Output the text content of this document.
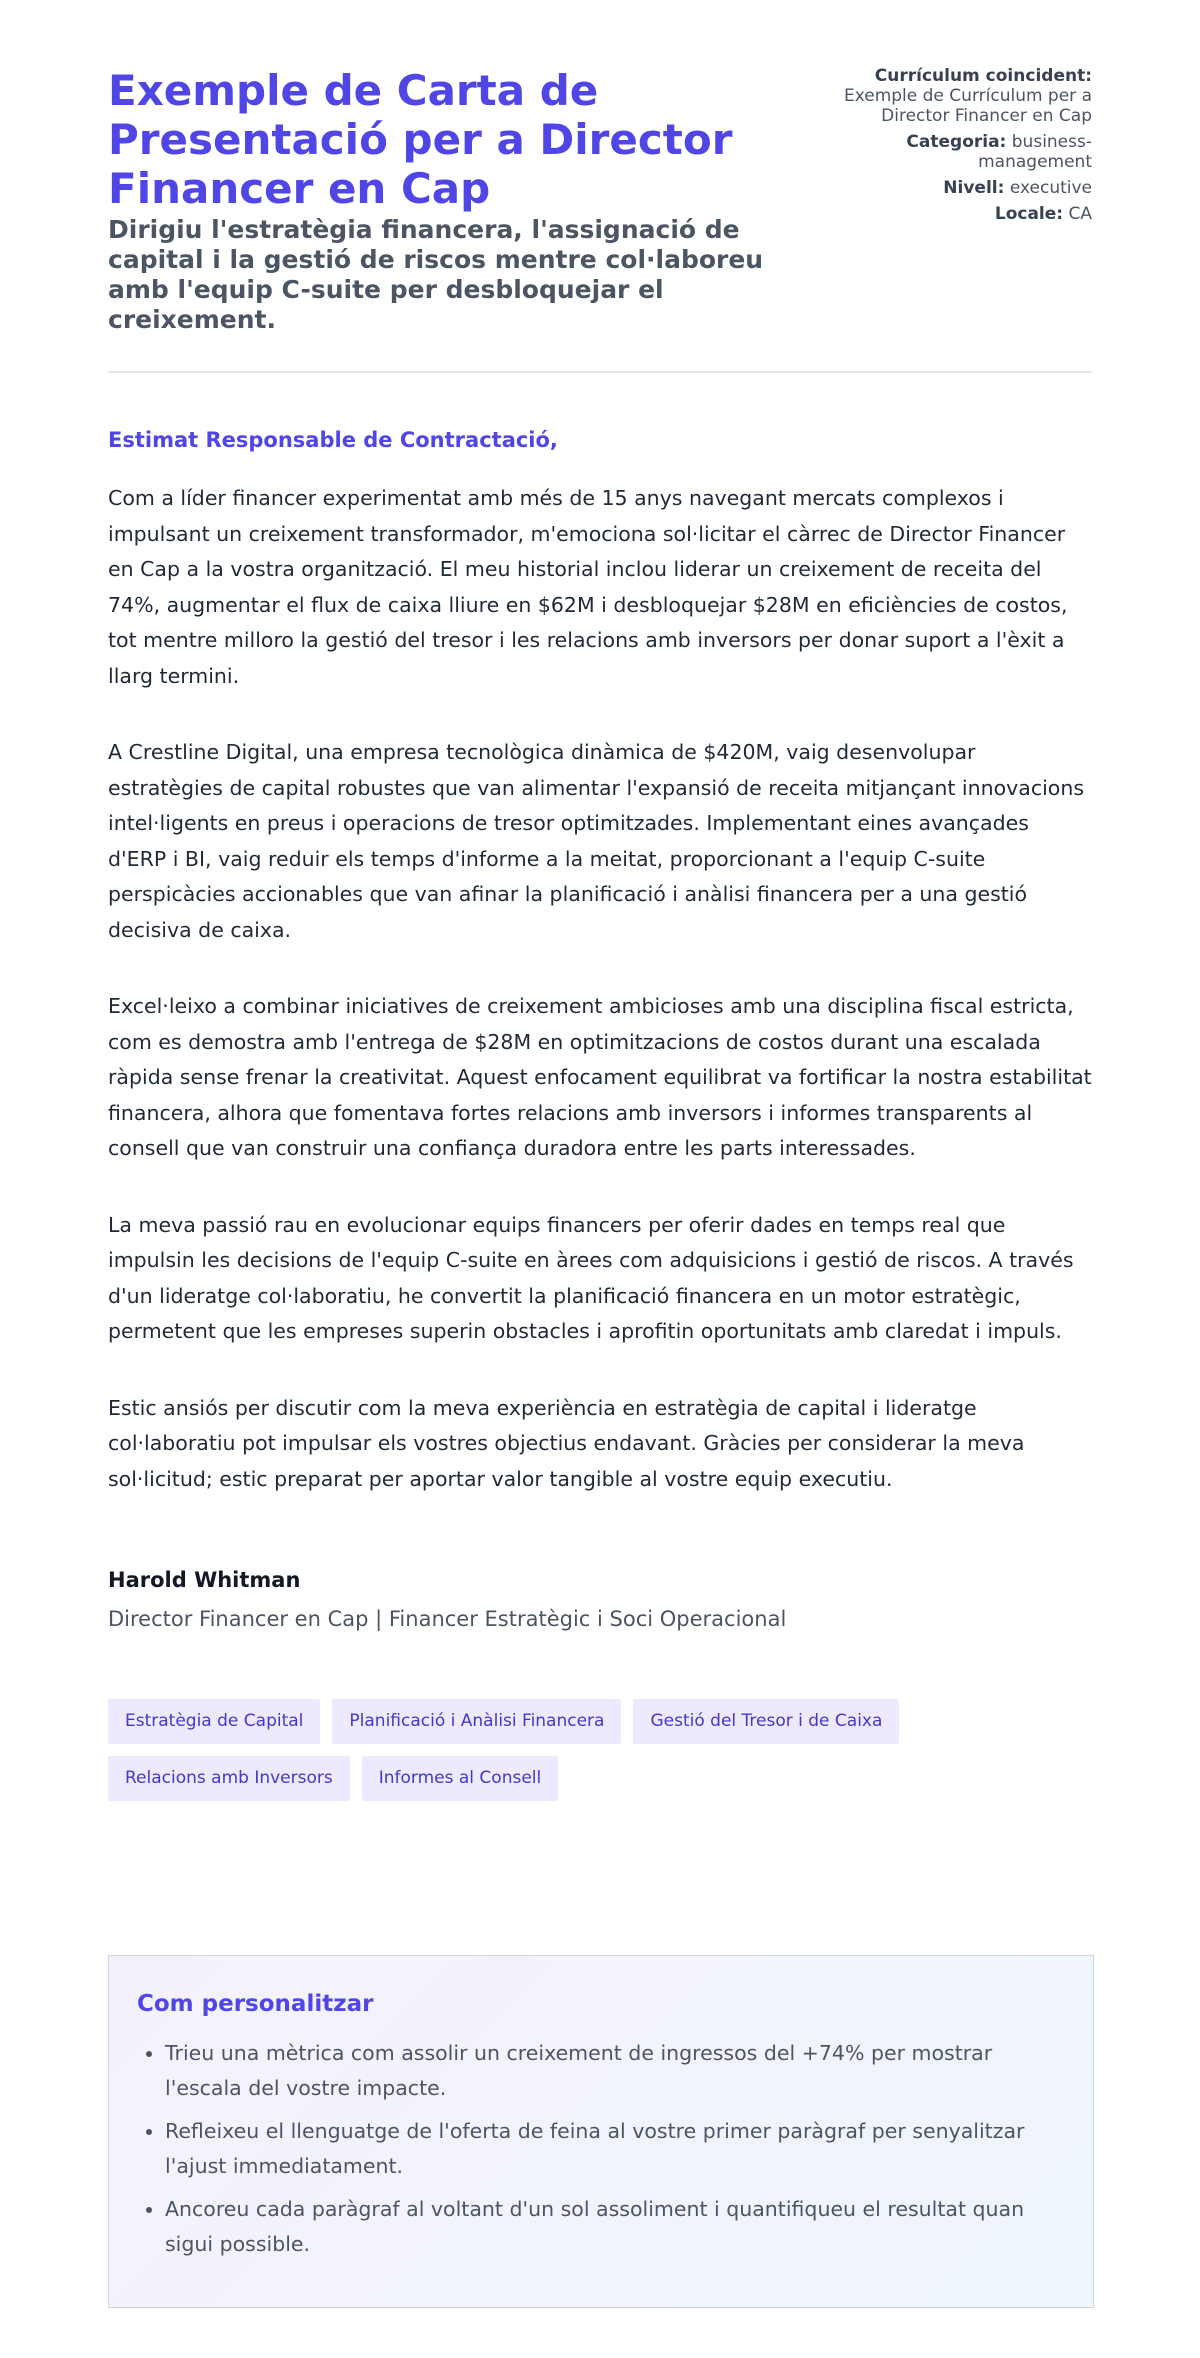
Exemple de Carta de Presentació per a Director Financer en Cap
Dirigiu l'estratègia financera, l'assignació de capital i la gestió de riscos mentre col·laboreu amb l'equip C-suite per desbloquejar el creixement.
Currículum coincident: Exemple de Currículum per a Director Financer en Cap
Categoria: business-management
Nivell: executive
Locale: CA

Estimat Responsable de Contractació,

Com a líder financer experimentat amb més de 15 anys navegant mercats complexos i impulsant un creixement transformador, m'emociona sol·licitar el càrrec de Director Financer en Cap a la vostra organització. El meu historial inclou liderar un creixement de receita del 74%, augmentar el flux de caixa lliure en $62M i desbloquejar $28M en eficiències de costos, tot mentre milloro la gestió del tresor i les relacions amb inversors per donar suport a l'èxit a llarg termini.

A Crestline Digital, una empresa tecnològica dinàmica de $420M, vaig desenvolupar estratègies de capital robustes que van alimentar l'expansió de receita mitjançant innovacions intel·ligents en preus i operacions de tresor optimitzades. Implementant eines avançades d'ERP i BI, vaig reduir els temps d'informe a la meitat, proporcionant a l'equip C-suite perspicàcies accionables que van afinar la planificació i anàlisi financera per a una gestió decisiva de caixa.

Excel·leixo a combinar iniciatives de creixement ambicioses amb una disciplina fiscal estricta, com es demostra amb l'entrega de $28M en optimitzacions de costos durant una escalada ràpida sense frenar la creativitat. Aquest enfocament equilibrat va fortificar la nostra estabilitat financera, alhora que fomentava fortes relacions amb inversors i informes transparents al consell que van construir una confiança duradora entre les parts interessades.

La meva passió rau en evolucionar equips financers per oferir dades en temps real que impulsin les decisions de l'equip C-suite en àrees com adquisicions i gestió de riscos. A través d'un lideratge col·laboratiu, he convertit la planificació financera en un motor estratègic, permetent que les empreses superin obstacles i aprofitin oportunitats amb claredat i impuls.

Estic ansiós per discutir com la meva experiència en estratègia de capital i lideratge col·laboratiu pot impulsar els vostres objectius endavant. Gràcies per considerar la meva sol·licitud; estic preparat per aportar valor tangible al vostre equip executiu.

Harold Whitman
Director Financer en Cap | Financer Estratègic i Soci Operacional
Estratègia de Capital	Planificació i Anàlisi Financera	Gestió del Tresor i de Caixa
Relacions amb Inversors	Informes al Consell
Com personalitzar
• Trieu una mètrica com assolir un creixement de ingressos del +74% per mostrar l'escala del vostre impacte.
• Refleixeu el llenguatge de l'oferta de feina al vostre primer paràgraf per senyalitzar l'ajust immediatament.
• Ancoreu cada paràgraf al voltant d'un sol assoliment i quantifiqueu el resultat quan sigui possible.
